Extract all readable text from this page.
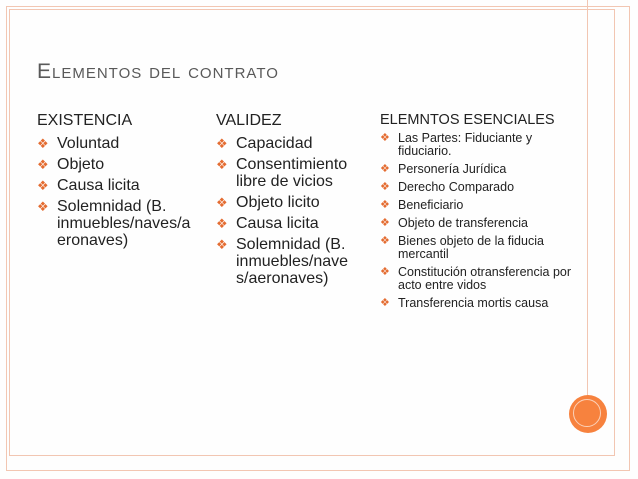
Elementos del contrato
EXISTENCIA
❖ Voluntad
❖ Objeto
❖ Causa licita
❖ Solemnidad (B. inmuebles/naves/a eronaves)
VALIDEZ
❖ Capacidad
❖ Consentimiento libre de vicios
❖ Objeto licito
❖ Causa licita
❖ Solemnidad (B. inmuebles/nave s/aeronaves)
ELEMNTOS ESENCIALES
❖ Las Partes: Fiduciante y fiduciario.
❖ Personería Jurídica
❖ Derecho Comparado
❖ Beneficiario
❖ Objeto de transferencia
❖ Bienes objeto de la fiducia mercantil
❖ Constitución otransferencia por acto entre vidos
❖ Transferencia mortis causa
